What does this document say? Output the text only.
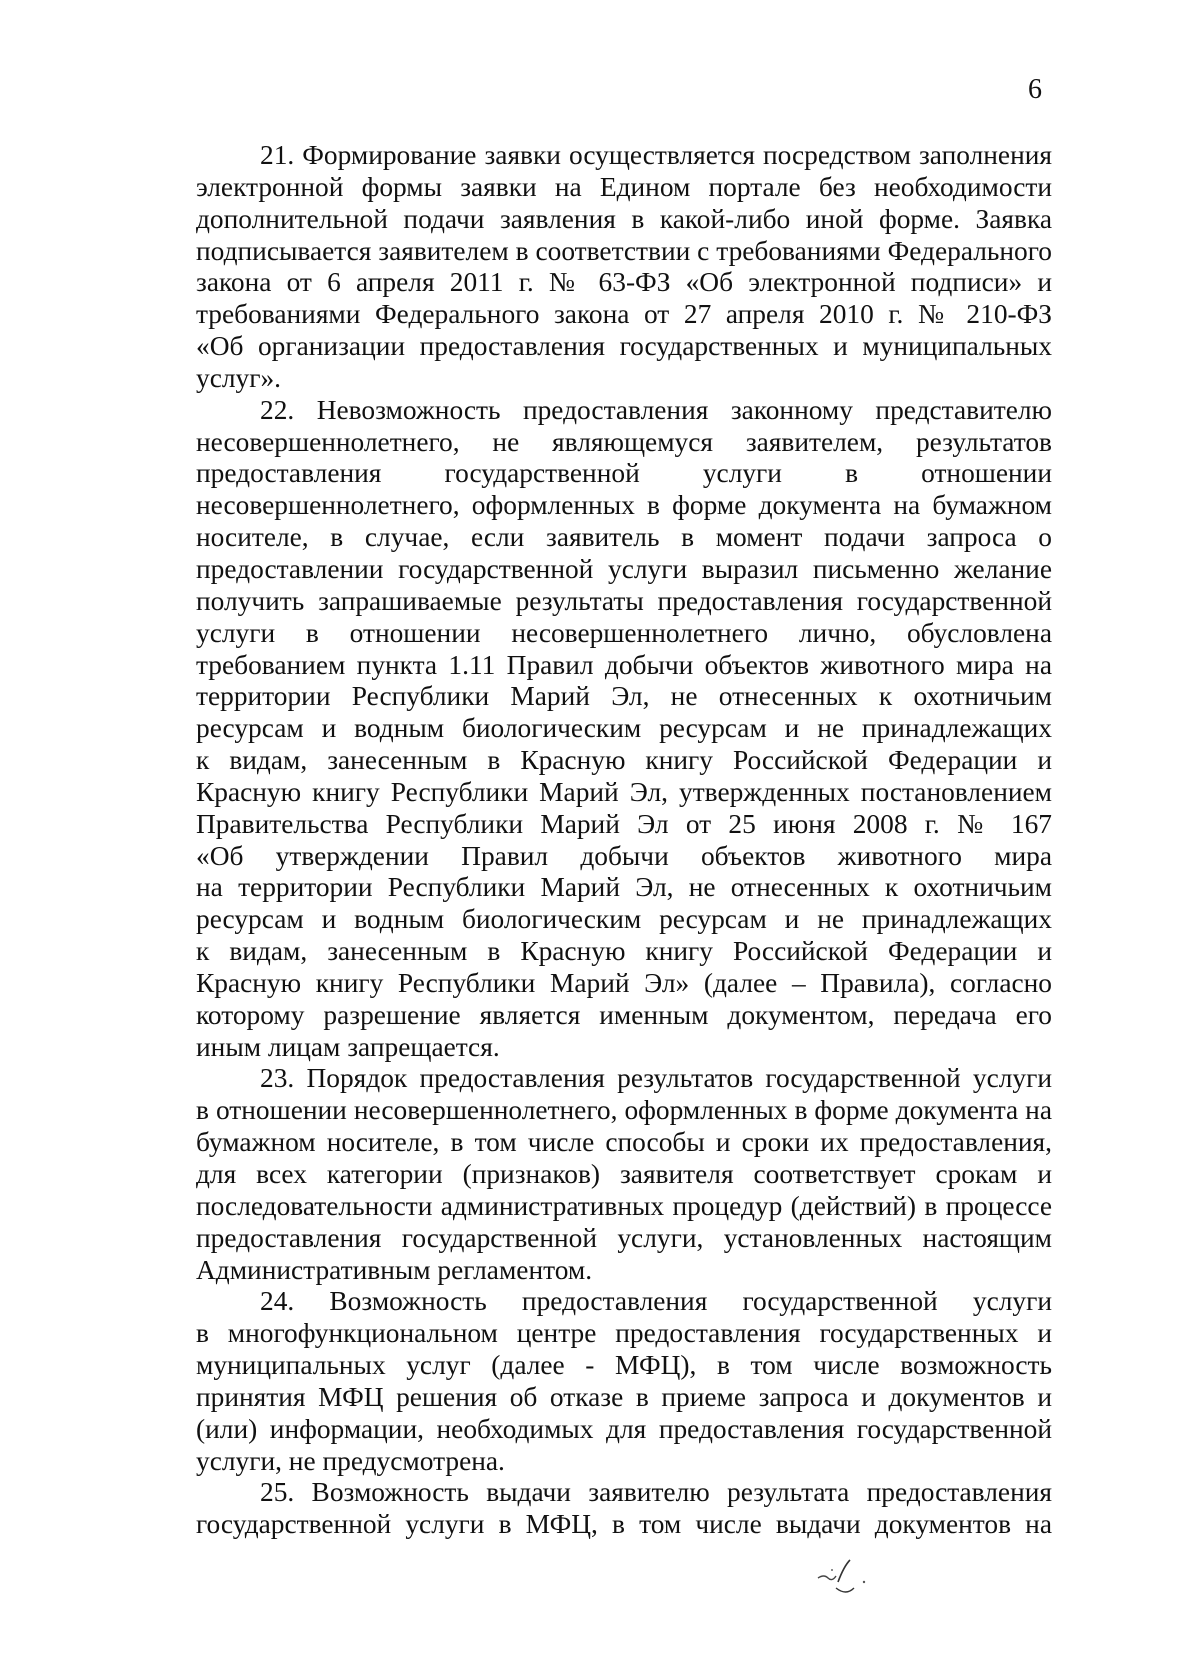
6
21. Формирование заявки осуществляется посредством заполнения
электронной формы заявки на Едином портале без необходимости
дополнительной подачи заявления в какой-либо иной форме. Заявка
подписывается заявителем в соответствии с требованиями Федерального
закона от 6 апреля 2011 г. № 63-ФЗ «Об электронной подписи» и
требованиями Федерального закона от 27 апреля 2010 г. № 210-ФЗ
«Об организации предоставления государственных и муниципальных
услуг».
22. Невозможность предоставления законному представителю
несовершеннолетнего, не являющемуся заявителем, результатов
предоставления государственной услуги в отношении
несовершеннолетнего, оформленных в форме документа на бумажном
носителе, в случае, если заявитель в момент подачи запроса о
предоставлении государственной услуги выразил письменно желание
получить запрашиваемые результаты предоставления государственной
услуги в отношении несовершеннолетнего лично, обусловлена
требованием пункта 1.11 Правил добычи объектов животного мира на
территории Республики Марий Эл, не отнесенных к охотничьим
ресурсам и водным биологическим ресурсам и не принадлежащих
к видам, занесенным в Красную книгу Российской Федерации и
Красную книгу Республики Марий Эл, утвержденных постановлением
Правительства Республики Марий Эл от 25 июня 2008 г. № 167
«Об утверждении Правил добычи объектов животного мира
на территории Республики Марий Эл, не отнесенных к охотничьим
ресурсам и водным биологическим ресурсам и не принадлежащих
к видам, занесенным в Красную книгу Российской Федерации и
Красную книгу Республики Марий Эл» (далее – Правила), согласно
которому разрешение является именным документом, передача его
иным лицам запрещается.
23. Порядок предоставления результатов государственной услуги
в отношении несовершеннолетнего, оформленных в форме документа на
бумажном носителе, в том числе способы и сроки их предоставления,
для всех категории (признаков) заявителя соответствует срокам и
последовательности административных процедур (действий) в процессе
предоставления государственной услуги, установленных настоящим
Административным регламентом.
24. Возможность предоставления государственной услуги
в многофункциональном центре предоставления государственных и
муниципальных услуг (далее - МФЦ), в том числе возможность
принятия МФЦ решения об отказе в приеме запроса и документов и
(или) информации, необходимых для предоставления государственной
услуги, не предусмотрена.
25. Возможность выдачи заявителю результата предоставления
государственной услуги в МФЦ, в том числе выдачи документов на
